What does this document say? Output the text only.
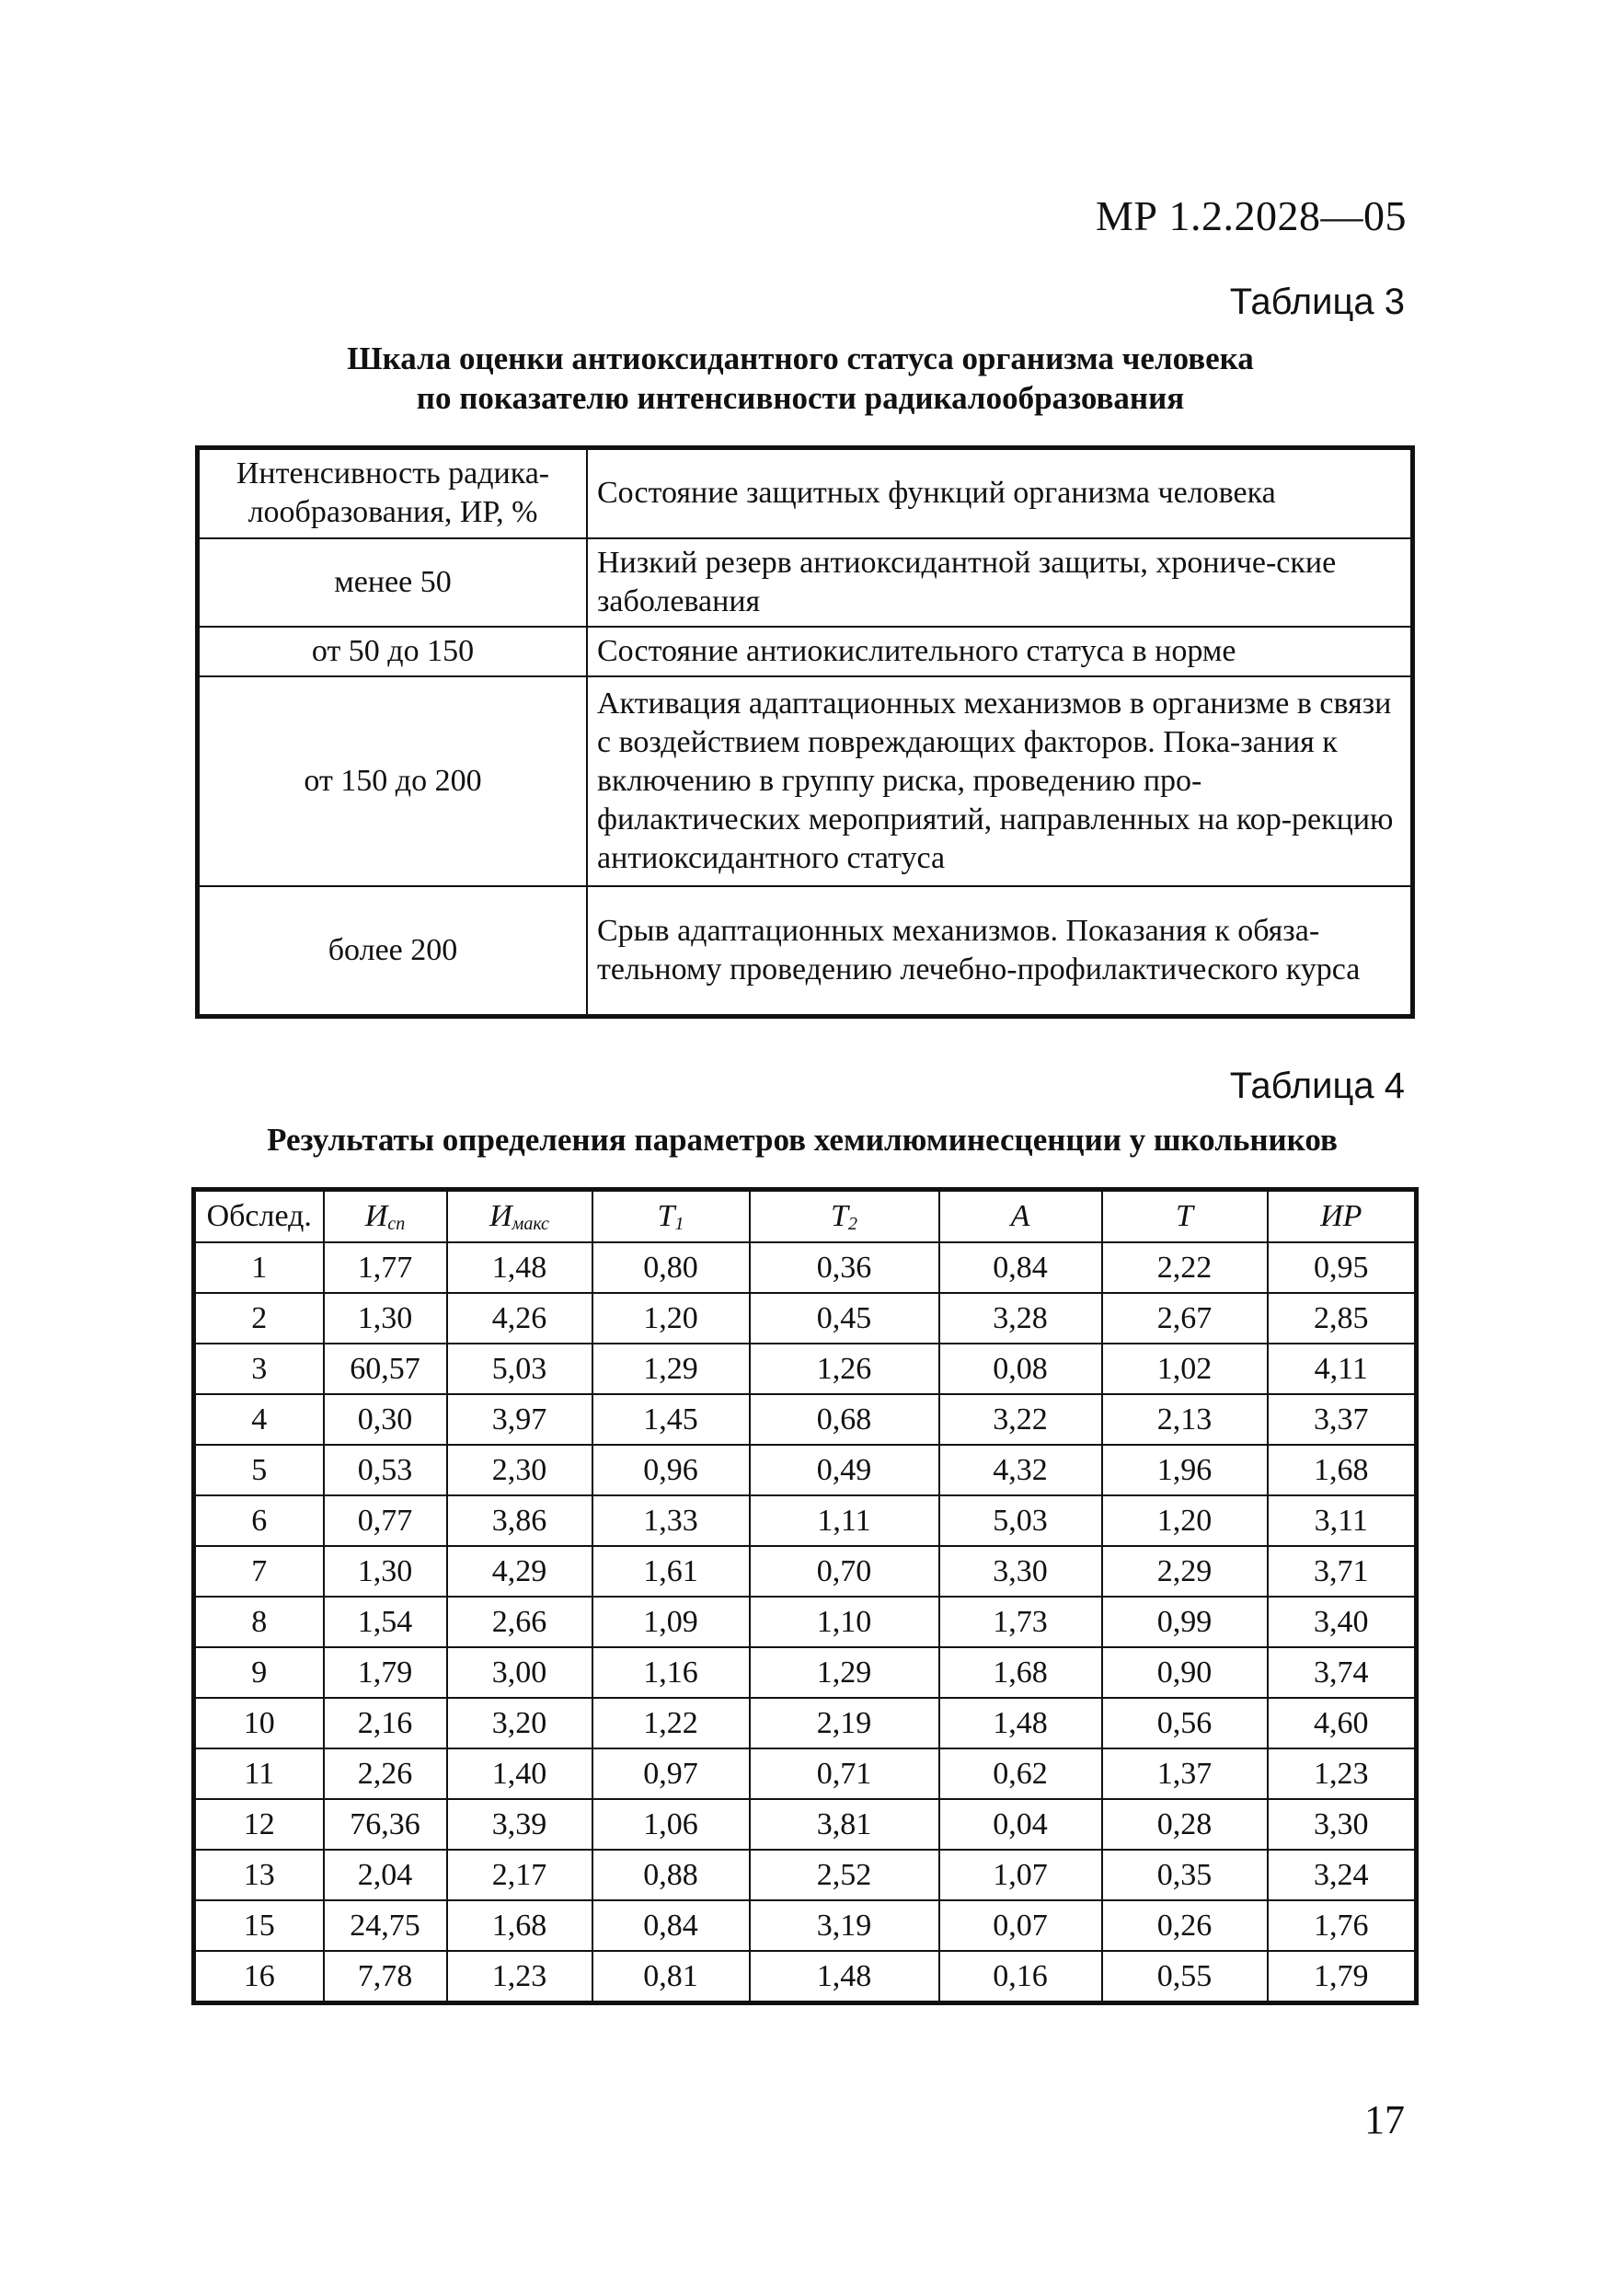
МР 1.2.2028—05
Таблица 3
Шкала оценки антиоксидантного статуса организма человека
по показателю интенсивности радикалообразования
Интенсивность радика-лообразования, ИР, %	Состояние защитных функций организма человека
менее 50	Низкий резерв антиоксидантной защиты, хрониче-ские заболевания
от 50 до 150	Состояние антиокислительного статуса в норме
от 150 до 200	Активация адаптационных механизмов в организме в связи с воздействием повреждающих факторов. Пока-зания к включению в группу риска, проведению про-филактических мероприятий, направленных на кор-рекцию антиоксидантного статуса
более 200	Срыв адаптационных механизмов. Показания к обяза-тельному проведению лечебно-профилактического курса
Таблица 4
Результаты определения параметров хемилюминесценции у школьников
Обслед.	$И_{сп}$	$И_{макс}$	$T_1$	$T_2$	A	T	ИР
1	1,77	1,48	0,80	0,36	0,84	2,22	0,95
2	1,30	4,26	1,20	0,45	3,28	2,67	2,85
3	60,57	5,03	1,29	1,26	0,08	1,02	4,11
4	0,30	3,97	1,45	0,68	3,22	2,13	3,37
5	0,53	2,30	0,96	0,49	4,32	1,96	1,68
6	0,77	3,86	1,33	1,11	5,03	1,20	3,11
7	1,30	4,29	1,61	0,70	3,30	2,29	3,71
8	1,54	2,66	1,09	1,10	1,73	0,99	3,40
9	1,79	3,00	1,16	1,29	1,68	0,90	3,74
10	2,16	3,20	1,22	2,19	1,48	0,56	4,60
11	2,26	1,40	0,97	0,71	0,62	1,37	1,23
12	76,36	3,39	1,06	3,81	0,04	0,28	3,30
13	2,04	2,17	0,88	2,52	1,07	0,35	3,24
15	24,75	1,68	0,84	3,19	0,07	0,26	1,76
16	7,78	1,23	0,81	1,48	0,16	0,55	1,79
17
